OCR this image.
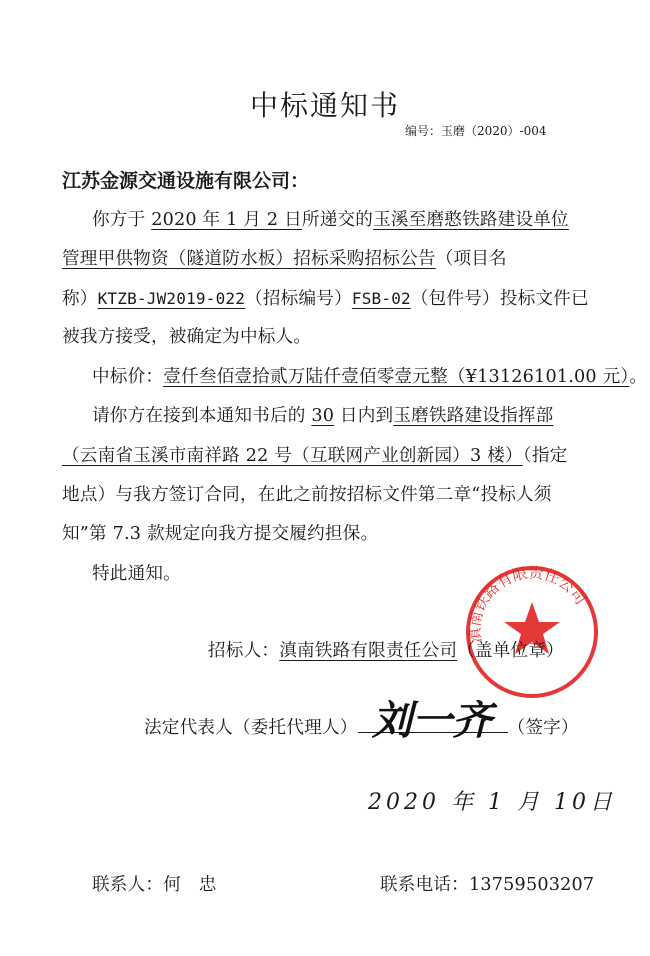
中标通知书
编号：玉磨（2020）-004
江苏金源交通设施有限公司：
你方于 2020 年 1 月 2 日所递交的玉溪至磨憨铁路建设单位
管理甲供物资（隧道防水板）招标采购招标公告（项目名
称）KTZB-JW2019-022（招标编号）FSB-02（包件号）投标文件已
被我方接受，被确定为中标人。
中标价：壹仟叁佰壹拾贰万陆仟壹佰零壹元整（¥13126101.00 元）。
请你方在接到本通知书后的 30 日内到玉磨铁路建设指挥部
（云南省玉溪市南祥路 22 号（互联网产业创新园）3 楼）（指定
地点）与我方签订合同，在此之前按招标文件第二章“投标人须
知”第 7.3 款规定向我方提交履约担保。
特此通知。
滇南铁路有限责任公司
招标人：滇南铁路有限责任公司（盖单位章）
法定代表人（委托代理人）	（签字）
刘一齐
2020 年 1 月 10日
联系人：何　忠	联系电话：13759503207
